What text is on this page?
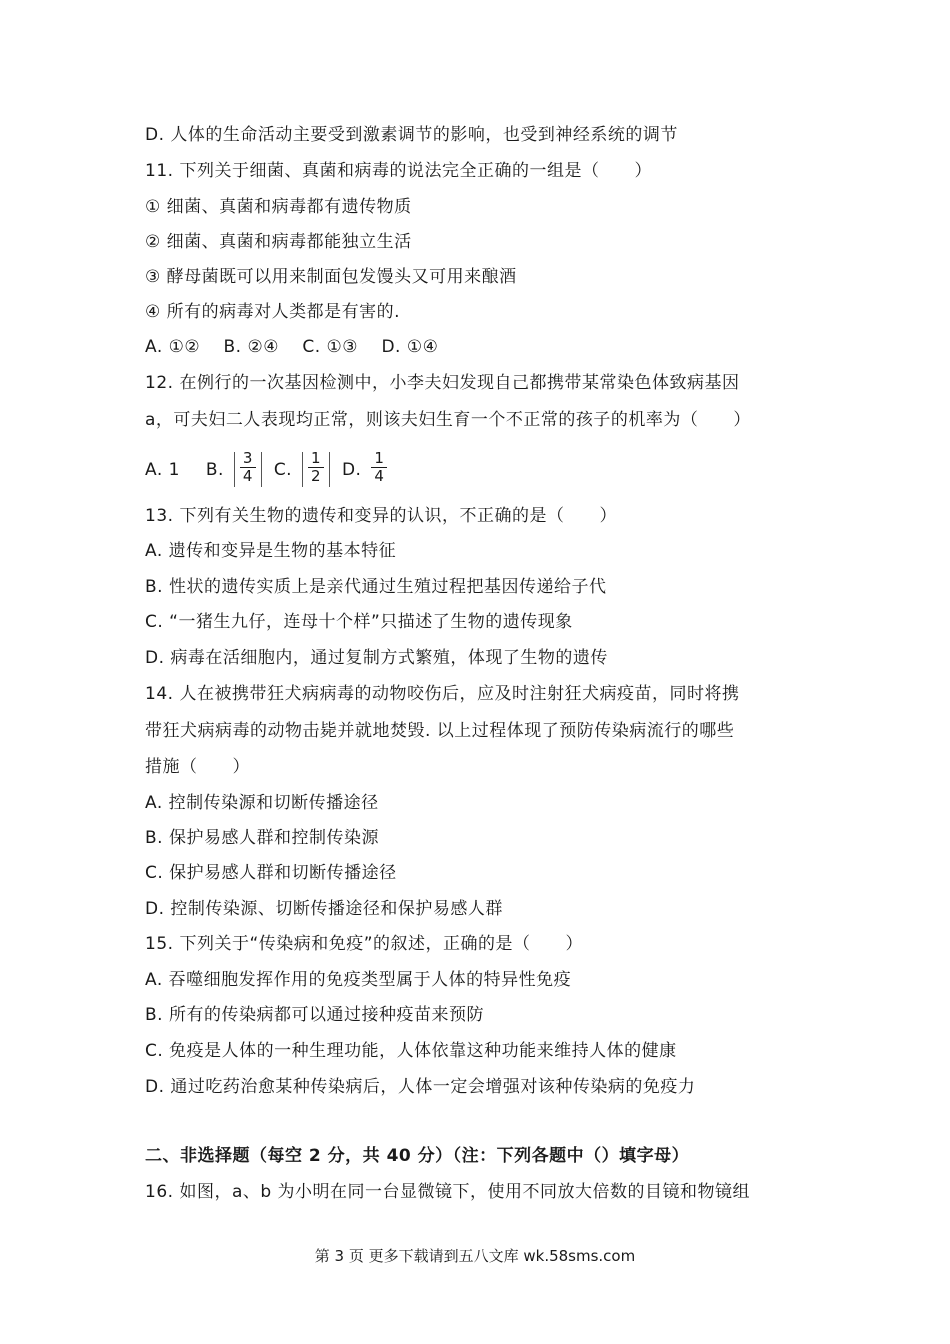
D. 人体的生命活动主要受到激素调节的影响，也受到神经系统的调节
11. 下列关于细菌、真菌和病毒的说法完全正确的一组是（　　）
① 细菌、真菌和病毒都有遗传物质
② 细菌、真菌和病毒都能独立生活
③ 酵母菌既可以用来制面包发馒头又可用来酿酒
④ 所有的病毒对人类都是有害的.
A. ①②　 B. ②④　 C. ①③　 D. ①④
12. 在例行的一次基因检测中，小李夫妇发现自己都携带某常染色体致病基因
a，可夫妇二人表现均正常，则该夫妇生育一个不正常的孩子的机率为（　　）
A. 1 B. $\frac{3}{4} C$. $\frac{1}{2} D$. $\frac{1}{4}$
13. 下列有关生物的遗传和变异的认识，不正确的是（　　）
A. 遗传和变异是生物的基本特征
B. 性状的遗传实质上是亲代通过生殖过程把基因传递给子代
C. “一猪生九仔，连母十个样”只描述了生物的遗传现象
D. 病毒在活细胞内，通过复制方式繁殖，体现了生物的遗传
14. 人在被携带狂犬病病毒的动物咬伤后，应及时注射狂犬病疫苗，同时将携
带狂犬病病毒的动物击毙并就地焚毁. 以上过程体现了预防传染病流行的哪些
措施（　　）
A. 控制传染源和切断传播途径
B. 保护易感人群和控制传染源
C. 保护易感人群和切断传播途径
D. 控制传染源、切断传播途径和保护易感人群
15. 下列关于“传染病和免疫”的叙述，正确的是（　　）
A. 吞噬细胞发挥作用的免疫类型属于人体的特异性免疫
B. 所有的传染病都可以通过接种疫苗来预防
C. 免疫是人体的一种生理功能，人体依靠这种功能来维持人体的健康
D. 通过吃药治愈某种传染病后，人体一定会增强对该种传染病的免疫力
二、非选择题（每空 2 分，共 40 分）（注：下列各题中（）填字母）
16. 如图，a、b 为小明在同一台显微镜下，使用不同放大倍数的目镜和物镜组
第 3 页 更多下载请到五八文库 wk.58sms.com
